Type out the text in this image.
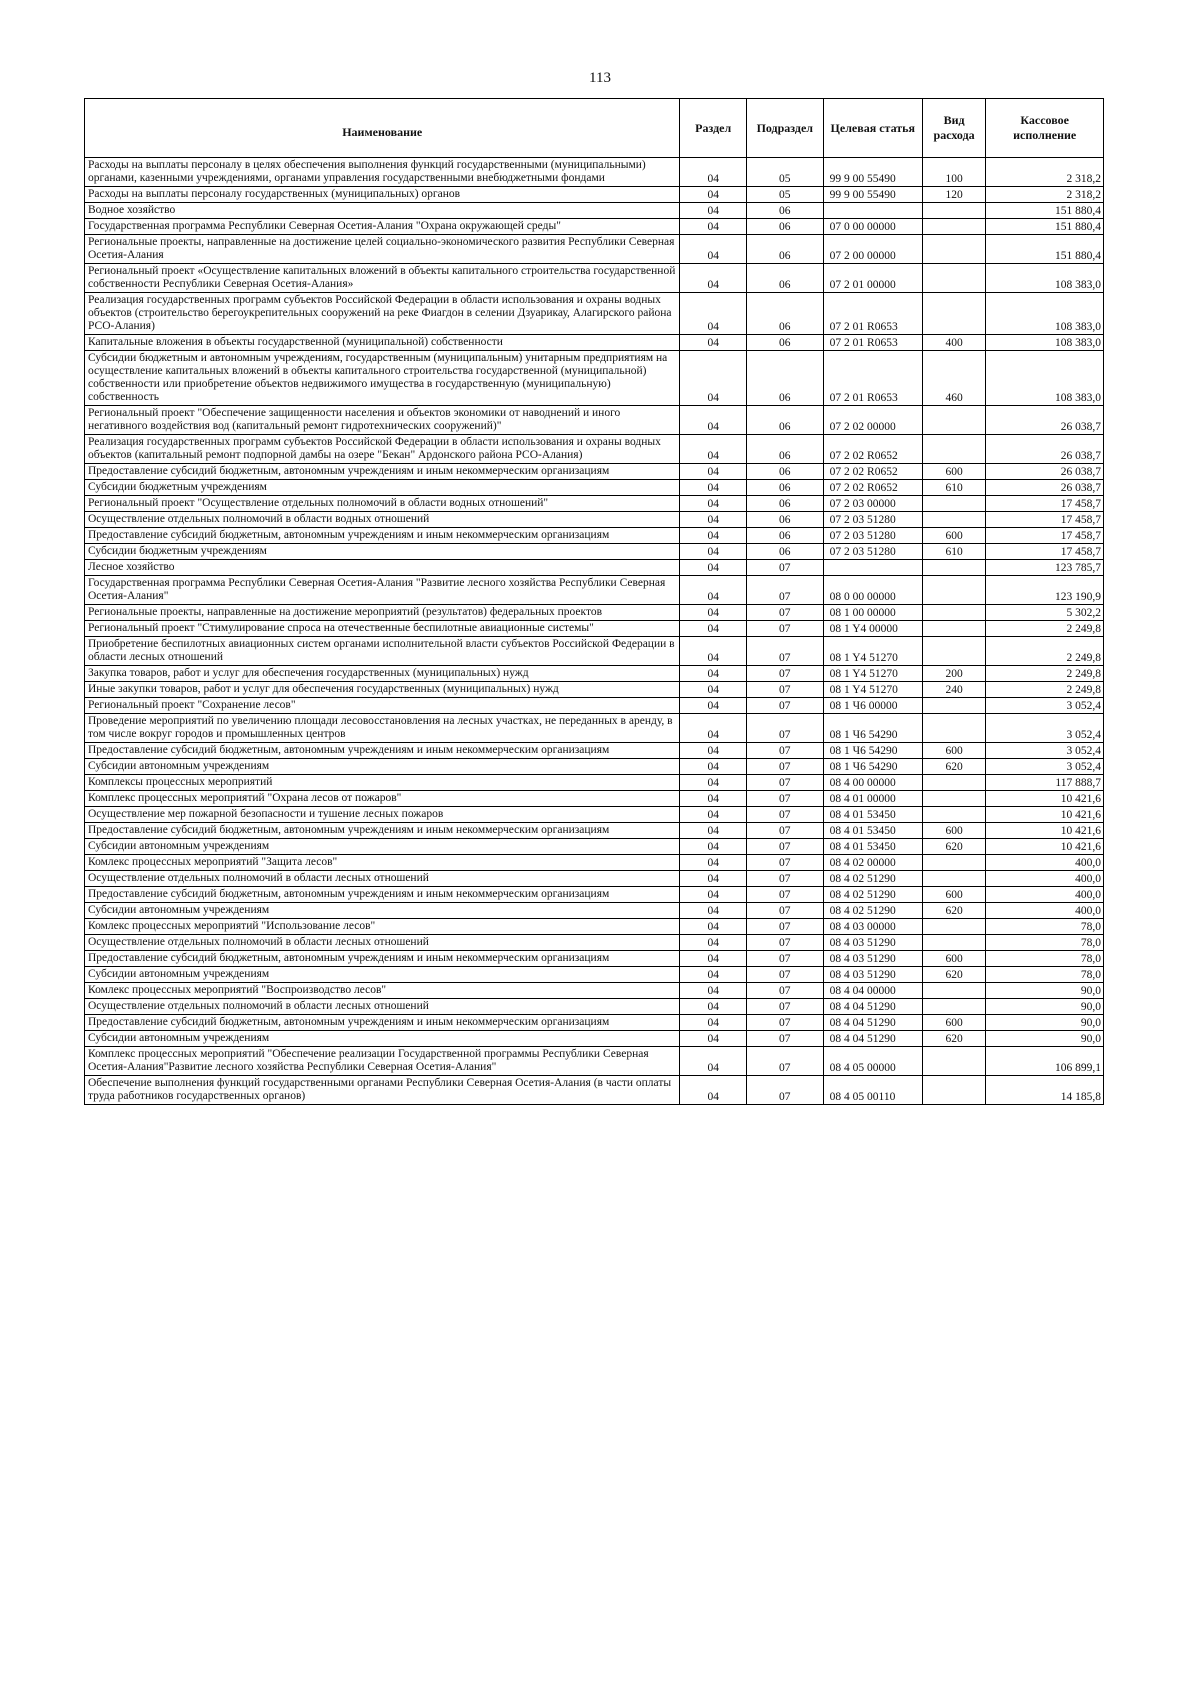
113
Наименование	Раздел	Подраздел	Целевая статья	Вид расхода	Кассовое исполнение
Расходы на выплаты персоналу в целях обеспечения выполнения функций государственными (муниципальными) органами, казенными учреждениями, органами управления государственными внебюджетными фондами	04	05	99 9 00 55490	100	2 318,2
Расходы на выплаты персоналу государственных (муниципальных) органов	04	05	99 9 00 55490	120	2 318,2
Водное хозяйство	04	06			151 880,4
Государственная программа Республики Северная Осетия-Алания "Охрана окружающей среды"	04	06	07 0 00 00000		151 880,4
Региональные проекты, направленные на достижение целей социально-экономического развития Республики Северная Осетия-Алания	04	06	07 2 00 00000		151 880,4
Региональный проект «Осуществление капитальных вложений в объекты капитального строительства государственной собственности Республики Северная Осетия-Алания»	04	06	07 2 01 00000		108 383,0
Реализация государственных программ субъектов Российской Федерации в области использования и охраны водных объектов (строительство берегоукрепительных сооружений на реке Фиагдон в селении Дзуарикау, Алагирского района РСО-Алания)	04	06	07 2 01 R0653		108 383,0
Капитальные вложения в объекты государственной (муниципальной) собственности	04	06	07 2 01 R0653	400	108 383,0
Субсидии бюджетным и автономным учреждениям, государственным (муниципальным) унитарным предприятиям на осуществление капитальных вложений в объекты капитального строительства государственной (муниципальной) собственности или приобретение объектов недвижимого имущества в государственную (муниципальную) собственность	04	06	07 2 01 R0653	460	108 383,0
Региональный проект "Обеспечение защищенности населения и объектов экономики от наводнений и иного негативного воздействия вод (капитальный ремонт гидротехнических сооружений)"	04	06	07 2 02 00000		26 038,7
Реализация государственных программ субъектов Российской Федерации в области использования и охраны водных объектов (капитальный ремонт подпорной дамбы на озере "Бекан" Ардонского района РСО-Алания)	04	06	07 2 02 R0652		26 038,7
Предоставление субсидий бюджетным, автономным учреждениям и иным некоммерческим организациям	04	06	07 2 02 R0652	600	26 038,7
Субсидии бюджетным учреждениям	04	06	07 2 02 R0652	610	26 038,7
Региональный проект "Осуществление отдельных полномочий в области водных отношений"	04	06	07 2 03 00000		17 458,7
Осуществление отдельных полномочий в области водных отношений	04	06	07 2 03 51280		17 458,7
Предоставление субсидий бюджетным, автономным учреждениям и иным некоммерческим организациям	04	06	07 2 03 51280	600	17 458,7
Субсидии бюджетным учреждениям	04	06	07 2 03 51280	610	17 458,7
Лесное хозяйство	04	07			123 785,7
Государственная программа Республики Северная Осетия-Алания "Развитие лесного хозяйства Республики Северная Осетия-Алания"	04	07	08 0 00 00000		123 190,9
Региональные проекты, направленные на достижение мероприятий (результатов) федеральных проектов	04	07	08 1 00 00000		5 302,2
Региональный проект "Стимулирование спроса на отечественные беспилотные авиационные системы"	04	07	08 1 Y4 00000		2 249,8
Приобретение беспилотных авиационных систем органами исполнительной власти субъектов Российской Федерации в области лесных отношений	04	07	08 1 Y4 51270		2 249,8
Закупка товаров, работ и услуг для обеспечения государственных (муниципальных) нужд	04	07	08 1 Y4 51270	200	2 249,8
Иные закупки товаров, работ и услуг для обеспечения государственных (муниципальных) нужд	04	07	08 1 Y4 51270	240	2 249,8
Региональный проект "Сохранение лесов"	04	07	08 1 Ч6 00000		3 052,4
Проведение мероприятий по увеличению площади лесовосстановления на лесных участках, не переданных в аренду, в том числе вокруг городов и промышленных центров	04	07	08 1 Ч6 54290		3 052,4
Предоставление субсидий бюджетным, автономным учреждениям и иным некоммерческим организациям	04	07	08 1 Ч6 54290	600	3 052,4
Субсидии автономным учреждениям	04	07	08 1 Ч6 54290	620	3 052,4
Комплексы процессных мероприятий	04	07	08 4 00 00000		117 888,7
Комплекс процессных мероприятий "Охрана лесов от пожаров"	04	07	08 4 01 00000		10 421,6
Осуществление мер пожарной безопасности и тушение лесных пожаров	04	07	08 4 01 53450		10 421,6
Предоставление субсидий бюджетным, автономным учреждениям и иным некоммерческим организациям	04	07	08 4 01 53450	600	10 421,6
Субсидии автономным учреждениям	04	07	08 4 01 53450	620	10 421,6
Комлекс процессных мероприятий "Защита лесов"	04	07	08 4 02 00000		400,0
Осуществление отдельных полномочий в области лесных отношений	04	07	08 4 02 51290		400,0
Предоставление субсидий бюджетным, автономным учреждениям и иным некоммерческим организациям	04	07	08 4 02 51290	600	400,0
Субсидии автономным учреждениям	04	07	08 4 02 51290	620	400,0
Комлекс процессных мероприятий "Использование лесов"	04	07	08 4 03 00000		78,0
Осуществление отдельных полномочий в области лесных отношений	04	07	08 4 03 51290		78,0
Предоставление субсидий бюджетным, автономным учреждениям и иным некоммерческим организациям	04	07	08 4 03 51290	600	78,0
Субсидии автономным учреждениям	04	07	08 4 03 51290	620	78,0
Комлекс процессных мероприятий "Воспроизводство лесов"	04	07	08 4 04 00000		90,0
Осуществление отдельных полномочий в области лесных отношений	04	07	08 4 04 51290		90,0
Предоставление субсидий бюджетным, автономным учреждениям и иным некоммерческим организациям	04	07	08 4 04 51290	600	90,0
Субсидии автономным учреждениям	04	07	08 4 04 51290	620	90,0
Комплекс процессных мероприятий "Обеспечение реализации Государственной программы Республики Северная Осетия-Алания"Развитие лесного хозяйства Республики Северная Осетия-Алания"	04	07	08 4 05 00000		106 899,1
Обеспечение выполнения функций государственными органами Республики Северная Осетия-Алания (в части оплаты труда работников государственных органов)	04	07	08 4 05 00110		14 185,8
